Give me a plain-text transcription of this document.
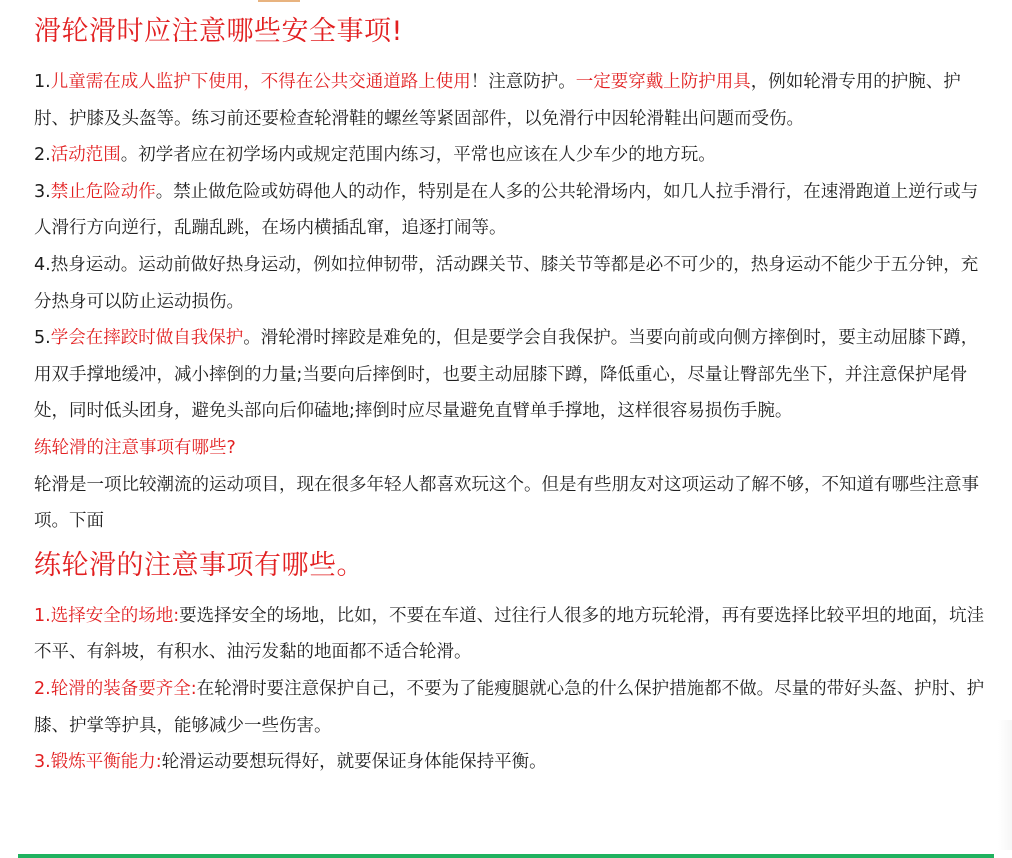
滑轮滑时应注意哪些安全事项!

1.儿童需在成人监护下使用，不得在公共交通道路上使用！注意防护。一定要穿戴上防护用具，例如轮滑专用的护腕、护肘、护膝及头盔等。练习前还要检查轮滑鞋的螺丝等紧固部件，以免滑行中因轮滑鞋出问题而受伤。

2.活动范围。初学者应在初学场内或规定范围内练习，平常也应该在人少车少的地方玩。

3.禁止危险动作。禁止做危险或妨碍他人的动作，特别是在人多的公共轮滑场内，如几人拉手滑行，在速滑跑道上逆行或与人滑行方向逆行，乱蹦乱跳，在场内横插乱窜，追逐打闹等。

4.热身运动。运动前做好热身运动，例如拉伸韧带，活动踝关节、膝关节等都是必不可少的，热身运动不能少于五分钟，充分热身可以防止运动损伤。

5.学会在摔跤时做自我保护。滑轮滑时摔跤是难免的，但是要学会自我保护。当要向前或向侧方摔倒时，要主动屈膝下蹲，用双手撑地缓冲，减小摔倒的力量;当要向后摔倒时，也要主动屈膝下蹲，降低重心，尽量让臀部先坐下，并注意保护尾骨处，同时低头团身，避免头部向后仰磕地;摔倒时应尽量避免直臂单手撑地，这样很容易损伤手腕。

练轮滑的注意事项有哪些?

轮滑是一项比较潮流的运动项目，现在很多年轻人都喜欢玩这个。但是有些朋友对这项运动了解不够，不知道有哪些注意事项。下面

练轮滑的注意事项有哪些。

1.选择安全的场地:要选择安全的场地，比如，不要在车道、过往行人很多的地方玩轮滑，再有要选择比较平坦的地面，坑洼不平、有斜坡，有积水、油污发黏的地面都不适合轮滑。

2.轮滑的装备要齐全:在轮滑时要注意保护自己，不要为了能瘦腿就心急的什么保护措施都不做。尽量的带好头盔、护肘、护膝、护掌等护具，能够减少一些伤害。

3.锻炼平衡能力:轮滑运动要想玩得好，就要保证身体能保持平衡。
